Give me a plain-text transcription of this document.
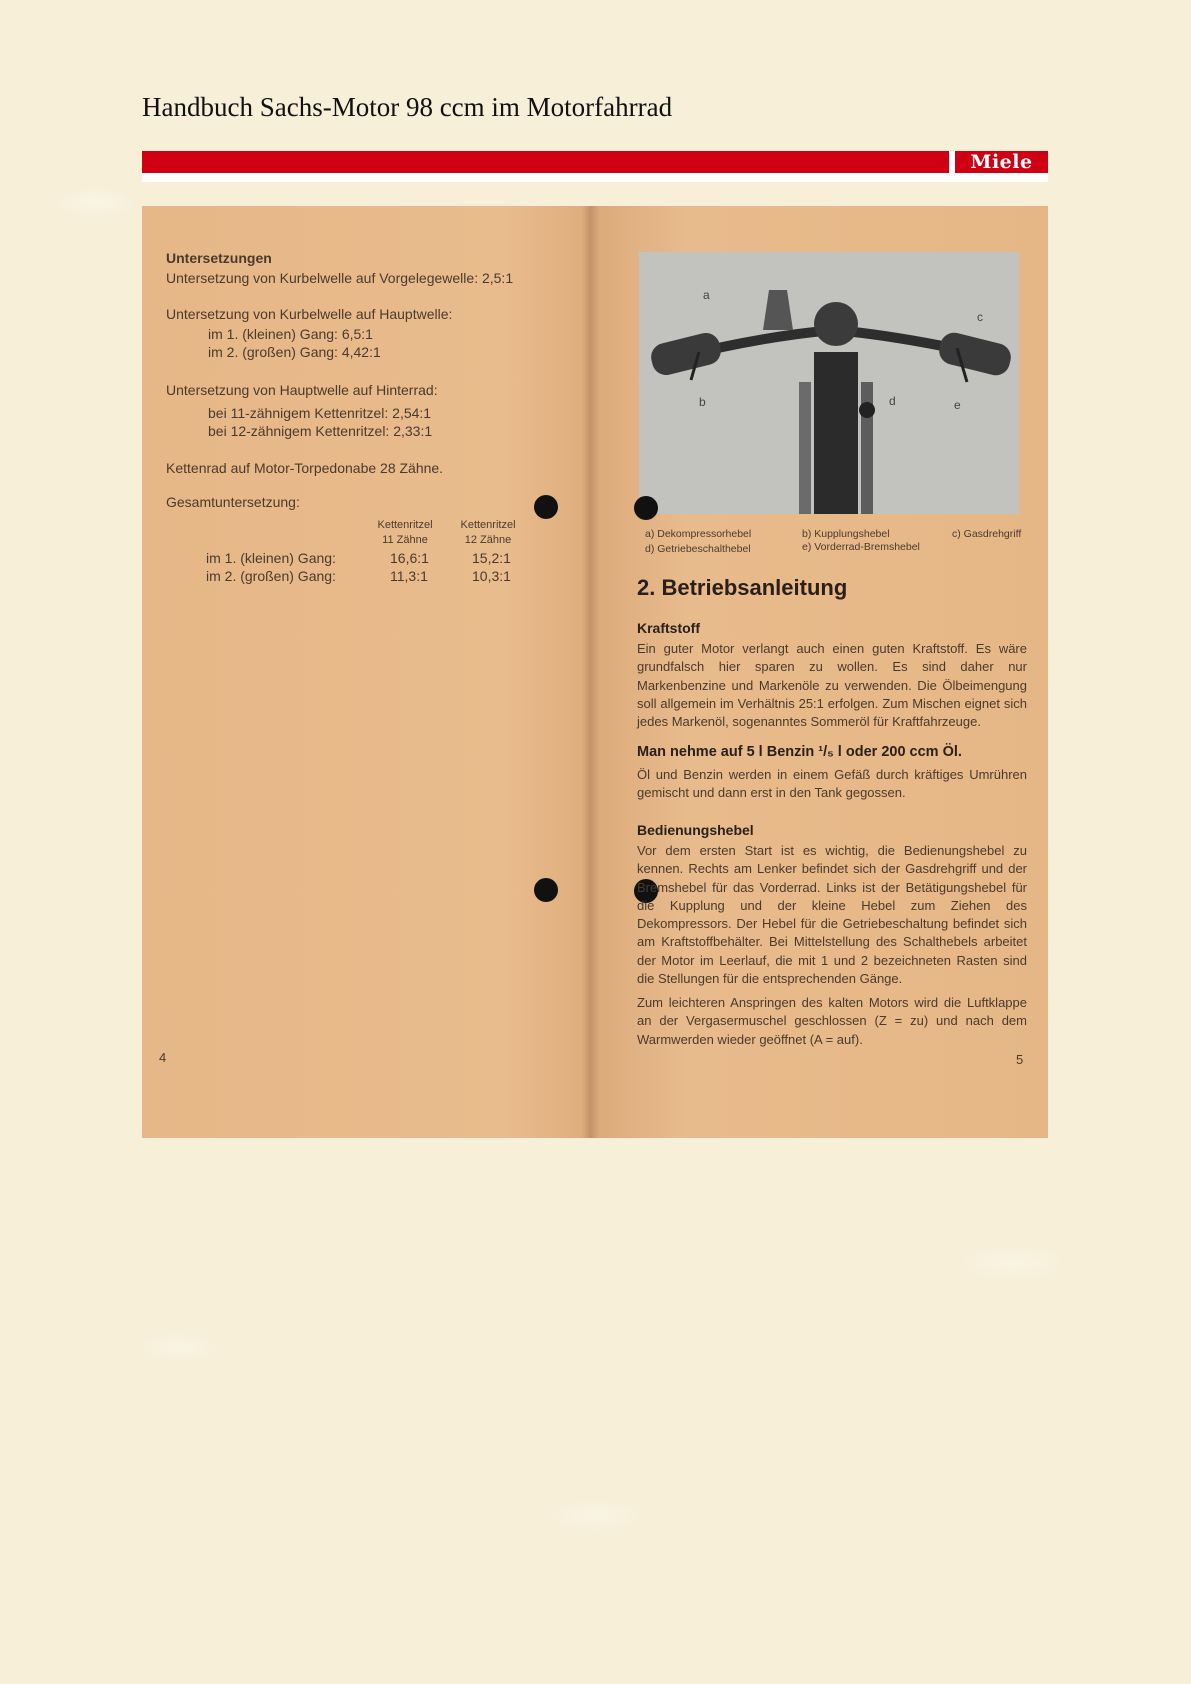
Handbuch Sachs-Motor 98 ccm im Motorfahrrad
Miele
Untersetzungen
Untersetzung von Kurbelwelle auf Vorgelegewelle: 2,5:1
Untersetzung von Kurbelwelle auf Hauptwelle:
im 1. (kleinen) Gang: 6,5:1
im 2. (großen) Gang: 4,42:1
Untersetzung von Hauptwelle auf Hinterrad:
bei 11-zähnigem Kettenritzel: 2,54:1
bei 12-zähnigem Kettenritzel: 2,33:1
Kettenrad auf Motor-Torpedonabe 28 Zähne.
Gesamtuntersetzung:
Kettenritzel
11 Zähne
Kettenritzel
12 Zähne
im 1. (kleinen) Gang:	16,6:1	15,2:1
im 2. (großen) Gang:	11,3:1	10,3:1
4
a
b
c
d	e
a) Dekompressorhebel	b) Kupplungshebel	c) Gasdrehgriff
d) Getriebeschalthebel	e) Vorderrad-Bremshebel
2. Betriebsanleitung
Kraftstoff
Ein guter Motor verlangt auch einen guten Kraftstoff. Es wäre grundfalsch hier sparen zu wollen. Es sind daher nur Markenbenzine und Markenöle zu verwenden. Die Ölbeimengung soll allgemein im Verhältnis 25:1 erfolgen. Zum Mischen eignet sich jedes Markenöl, sogenanntes Sommeröl für Kraftfahrzeuge.
Man nehme auf 5 l Benzin ¹/₅ l oder 200 ccm Öl.
Öl und Benzin werden in einem Gefäß durch kräftiges Umrühren gemischt und dann erst in den Tank gegossen.
Bedienungshebel
Vor dem ersten Start ist es wichtig, die Bedienungshebel zu kennen. Rechts am Lenker befindet sich der Gasdrehgriff und der Bremshebel für das Vorderrad. Links ist der Betätigungshebel für die Kupplung und der kleine Hebel zum Ziehen des Dekompressors. Der Hebel für die Getriebeschaltung befindet sich am Kraftstoffbehälter. Bei Mittelstellung des Schalthebels arbeitet der Motor im Leerlauf, die mit 1 und 2 bezeichneten Rasten sind die Stellungen für die entsprechenden Gänge.
Zum leichteren Anspringen des kalten Motors wird die Luftklappe an der Vergasermuschel geschlossen (Z = zu) und nach dem Warmwerden wieder geöffnet (A = auf).
5
